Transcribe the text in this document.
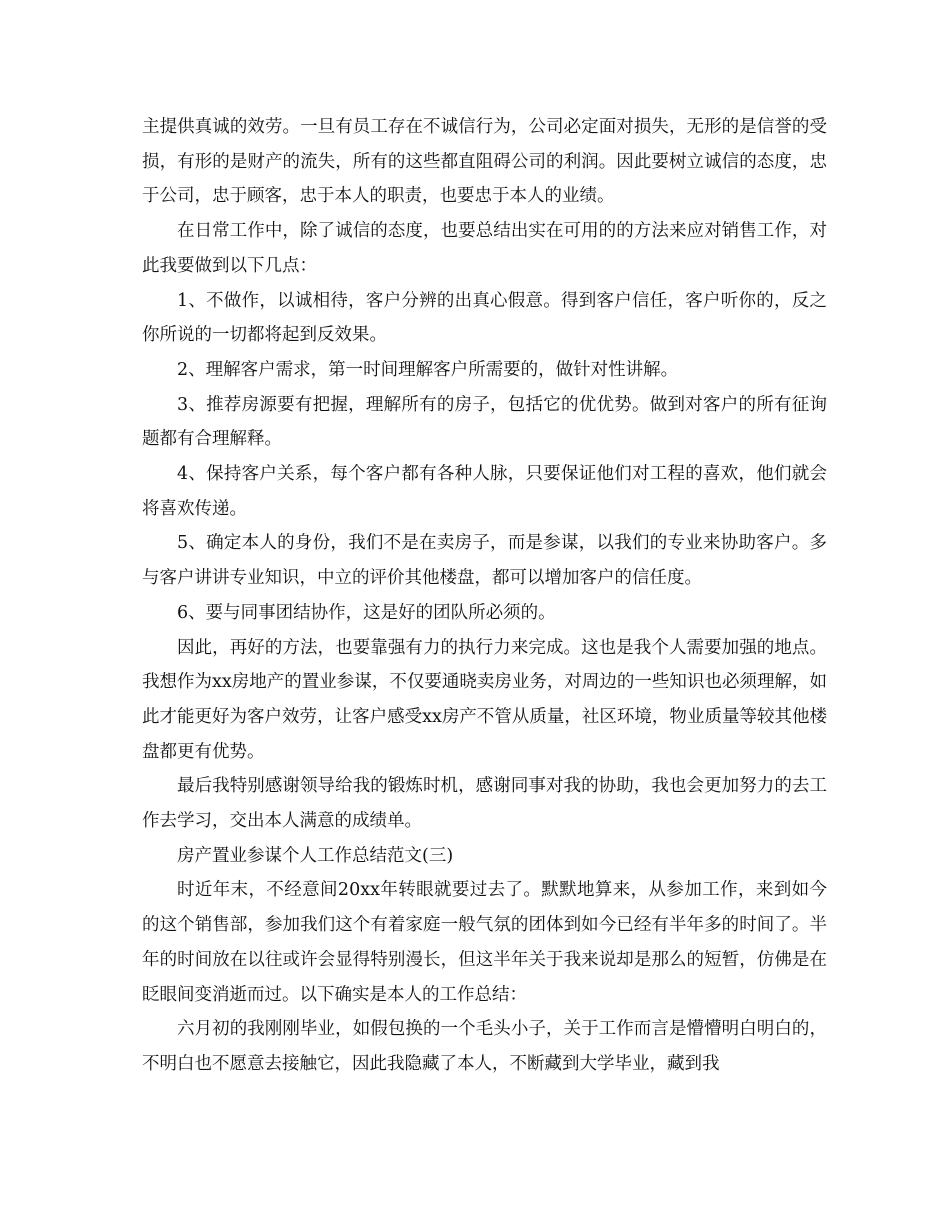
主提供真诚的效劳。一旦有员工存在不诚信行为，公司必定面对损失，无形的是信誉的受损，有形的是财产的流失，所有的这些都直阻碍公司的利润。因此要树立诚信的态度，忠于公司，忠于顾客，忠于本人的职责，也要忠于本人的业绩。

在日常工作中，除了诚信的态度，也要总结出实在可用的的方法来应对销售工作，对此我要做到以下几点：

1、不做作，以诚相待，客户分辨的出真心假意。得到客户信任，客户听你的，反之你所说的一切都将起到反效果。

2、理解客户需求，第一时间理解客户所需要的，做针对性讲解。

3、推荐房源要有把握，理解所有的房子，包括它的优优势。做到对客户的所有征询题都有合理解释。

4、保持客户关系，每个客户都有各种人脉，只要保证他们对工程的喜欢，他们就会将喜欢传递。

5、确定本人的身份，我们不是在卖房子，而是参谋，以我们的专业来协助客户。多与客户讲讲专业知识，中立的评价其他楼盘，都可以增加客户的信任度。

6、要与同事团结协作，这是好的团队所必须的。

因此，再好的方法，也要靠强有力的执行力来完成。这也是我个人需要加强的地点。我想作为xx房地产的置业参谋，不仅要通晓卖房业务，对周边的一些知识也必须理解，如此才能更好为客户效劳，让客户感受xx房产不管从质量，社区环境，物业质量等较其他楼盘都更有优势。

最后我特别感谢领导给我的锻炼时机，感谢同事对我的协助，我也会更加努力的去工作去学习，交出本人满意的成绩单。

房产置业参谋个人工作总结范文(三)

时近年末，不经意间20xx年转眼就要过去了。默默地算来，从参加工作，来到如今的这个销售部，参加我们这个有着家庭一般气氛的团体到如今已经有半年多的时间了。半年的时间放在以往或许会显得特别漫长，但这半年关于我来说却是那么的短暂，仿佛是在眨眼间变消逝而过。以下确实是本人的工作总结：

六月初的我刚刚毕业，如假包换的一个毛头小子，关于工作而言是懵懵明白明白的，不明白也不愿意去接触它，因此我隐藏了本人，不断藏到大学毕业，藏到我
